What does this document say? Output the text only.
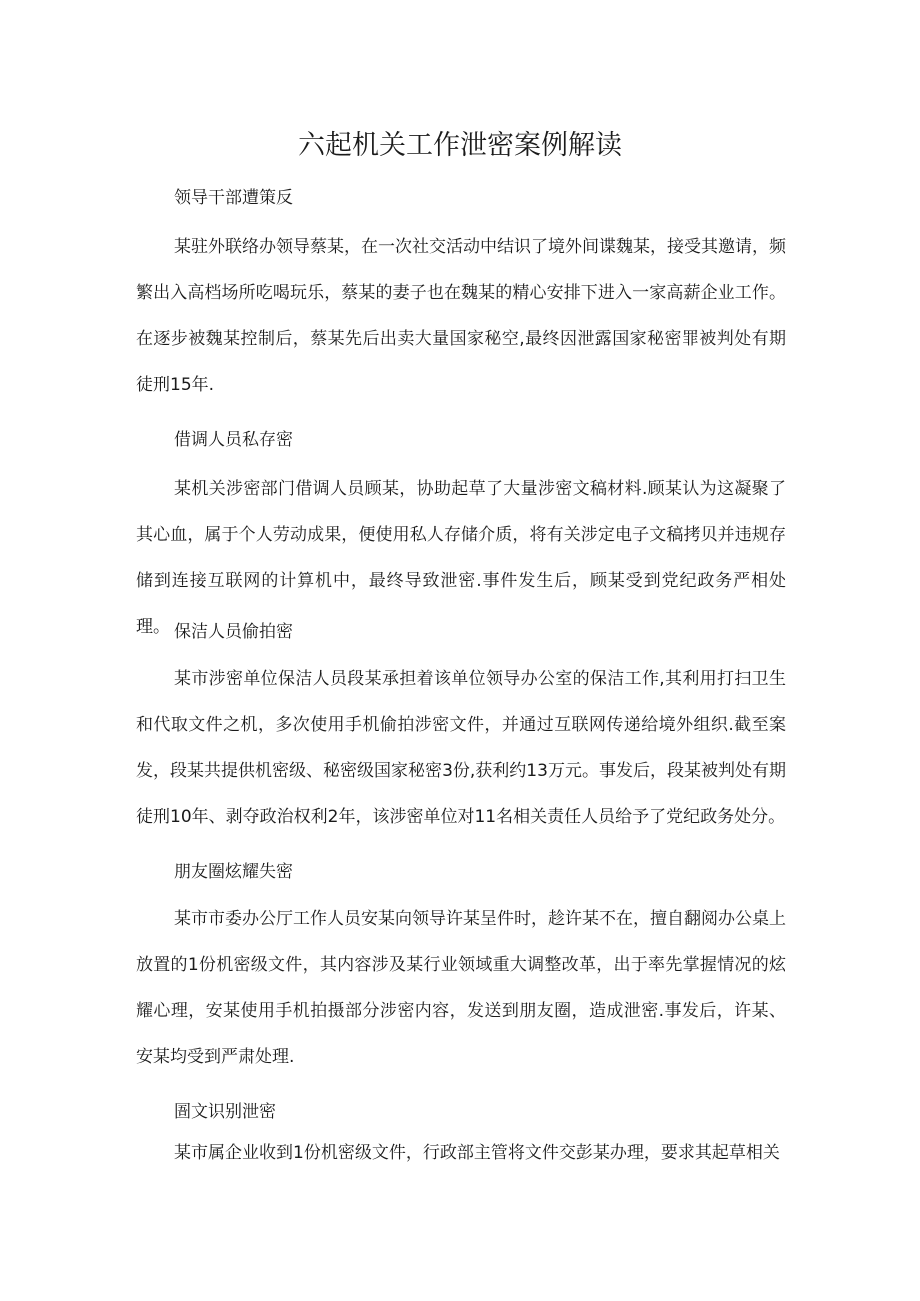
六起机关工作泄密案例解读

领导干部遭策反

某驻外联络办领导蔡某，在一次社交活动中结识了境外间谍魏某，接受其邀请，频繁出入高档场所吃喝玩乐，蔡某的妻子也在魏某的精心安排下进入一家高薪企业工作。在逐步被魏某控制后，蔡某先后出卖大量国家秘空,最终因泄露国家秘密罪被判处有期徒刑15年.

借调人员私存密

某机关涉密部门借调人员顾某，协助起草了大量涉密文稿材料.顾某认为这凝聚了其心血，属于个人劳动成果，便使用私人存储介质，将有关涉定电子文稿拷贝并违规存储到连接互联网的计算机中，最终导致泄密.事件发生后，顾某受到党纪政务严相处理。 保洁人员偷拍密

某市涉密单位保洁人员段某承担着该单位领导办公室的保洁工作,其利用打扫卫生和代取文件之机，多次使用手机偷拍涉密文件，并通过互联网传递给境外组织.截至案发，段某共提供机密级、秘密级国家秘密3份,获利约13万元。事发后，段某被判处有期徒刑10年、剥夺政治权利2年，该涉密单位对11名相关责任人员给予了党纪政务处分。

朋友圈炫耀失密

某市市委办公厅工作人员安某向领导许某呈件时，趁许某不在，擅自翻阅办公桌上放置的1份机密级文件，其内容涉及某行业领域重大调整改革，出于率先掌握情况的炫耀心理，安某使用手机拍摄部分涉密内容，发送到朋友圈，造成泄密.事发后，许某、安某均受到严肃处理.

圄文识别泄密

某市属企业收到1份机密级文件，行政部主管将文件交彭某办理，要求其起草相关
